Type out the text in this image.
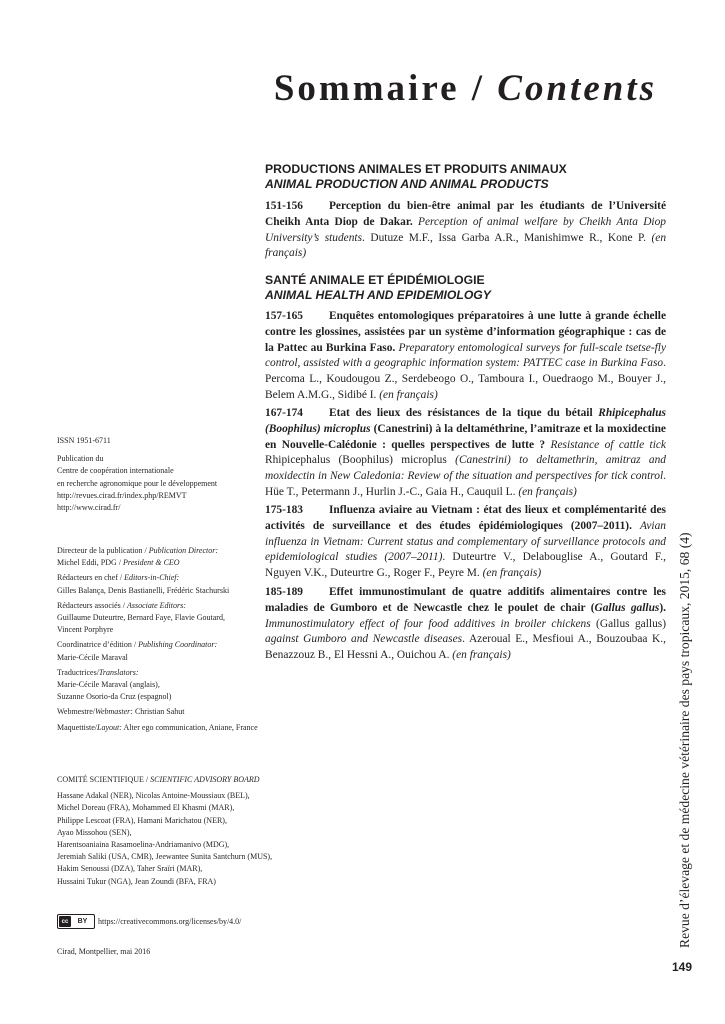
Sommaire / Contents
PRODUCTIONS ANIMALES ET PRODUITS ANIMAUX
ANIMAL PRODUCTION AND ANIMAL PRODUCTS
151-156 Perception du bien-être animal par les étudiants de l’Université Cheikh Anta Diop de Dakar. Perception of animal welfare by Cheikh Anta Diop University’s students. Dutuze M.F., Issa Garba A.R., Manishimwe R., Kone P. (en français)
SANTÉ ANIMALE ET ÉPIDÉMIOLOGIE
ANIMAL HEALTH AND EPIDEMIOLOGY
157-165 Enquêtes entomologiques préparatoires à une lutte à grande échelle contre les glossines, assistées par un système d’information géographique : cas de la Pattec au Burkina Faso. Preparatory entomological surveys for full-scale tsetse-fly control, assisted with a geographic information system: PATTEC case in Burkina Faso. Percoma L., Koudougou Z., Serdebeogo O., Tamboura I., Ouedraogo M., Bouyer J., Belem A.M.G., Sidibé I. (en français)
167-174 Etat des lieux des résistances de la tique du bétail Rhipicephalus (Boophilus) microplus (Canestrini) à la deltaméthrine, l’amitraze et la moxidectine en Nouvelle-Calédonie : quelles perspectives de lutte ? Resistance of cattle tick Rhipicephalus (Boophilus) microplus (Canestrini) to deltamethrin, amitraz and moxidectin in New Caledonia: Review of the situation and perspectives for tick control. Hüe T., Petermann J., Hurlin J.-C., Gaia H., Cauquil L. (en français)
175-183 Influenza aviaire au Vietnam : état des lieux et complémentarité des activités de surveillance et des études épidémiologiques (2007–2011). Avian influenza in Vietnam: Current status and complementary of surveillance protocols and epidemiological studies (2007–2011). Duteurtre V., Delabouglise A., Goutard F., Nguyen V.K., Duteurtre G., Roger F., Peyre M. (en français)
185-189 Effet immunostimulant de quatre additifs alimentaires contre les maladies de Gumboro et de Newcastle chez le poulet de chair (Gallus gallus). Immunostimulatory effect of four food additives in broiler chickens (Gallus gallus) against Gumboro and Newcastle diseases. Azeroual E., Mesfioui A., Bouzoubaa K., Benazzouz B., El Hessni A., Ouichou A. (en français)

ISSN 1951-6711

Publication du

Centre de coopération internationale

en recherche agronomique pour le développement

http://revues.cirad.fr/index.php/REMVT

http://www.cirad.fr/

Directeur de la publication / Publication Director:

Michel Eddi, PDG / President & CEO

Rédacteurs en chef / Editors-in-Chief:

Gilles Balança, Denis Bastianelli, Frédéric Stachurski

Rédacteurs associés / Associate Editors:

Guillaume Duteurtre, Bernard Faye, Flavie Goutard,

Vincent Porphyre

Coordinatrice d’édition / Publishing Coordinator:

Marie-Cécile Maraval

Traductrices/Translators:

Marie-Cécile Maraval (anglais),

Suzanne Osorio-da Cruz (espagnol)

Webmestre/Webmaster: Christian Sahut

Maquettiste/Layout: Alter ego communication, Aniane, France

COMITÉ SCIENTIFIQUE / SCIENTIFIC ADVISORY BOARD

Hassane Adakal (NER), Nicolas Antoine-Moussiaux (BEL),

Michel Doreau (FRA), Mohammed El Khasmi (MAR),

Philippe Lescoat (FRA), Hamani Marichatou (NER),

Ayao Missohou (SEN),

Harentsoaniaina Rasamoelina-Andriamanivo (MDG),

Jeremiah Saliki (USA, CMR), Jeewantee Sunita Santchurn (MUS),

Hakim Senoussi (DZA), Taher Sraïri (MAR),

Hussaini Tukur (NGA), Jean Zoundi (BFA, FRA)

cc	BY	https://creativecommons.org/licenses/by/4.0/

Cirad, Montpellier, mai 2016

Revue d’élevage et de médecine vétérinaire des pays tropicaux, 2015, 68 (4)
149
